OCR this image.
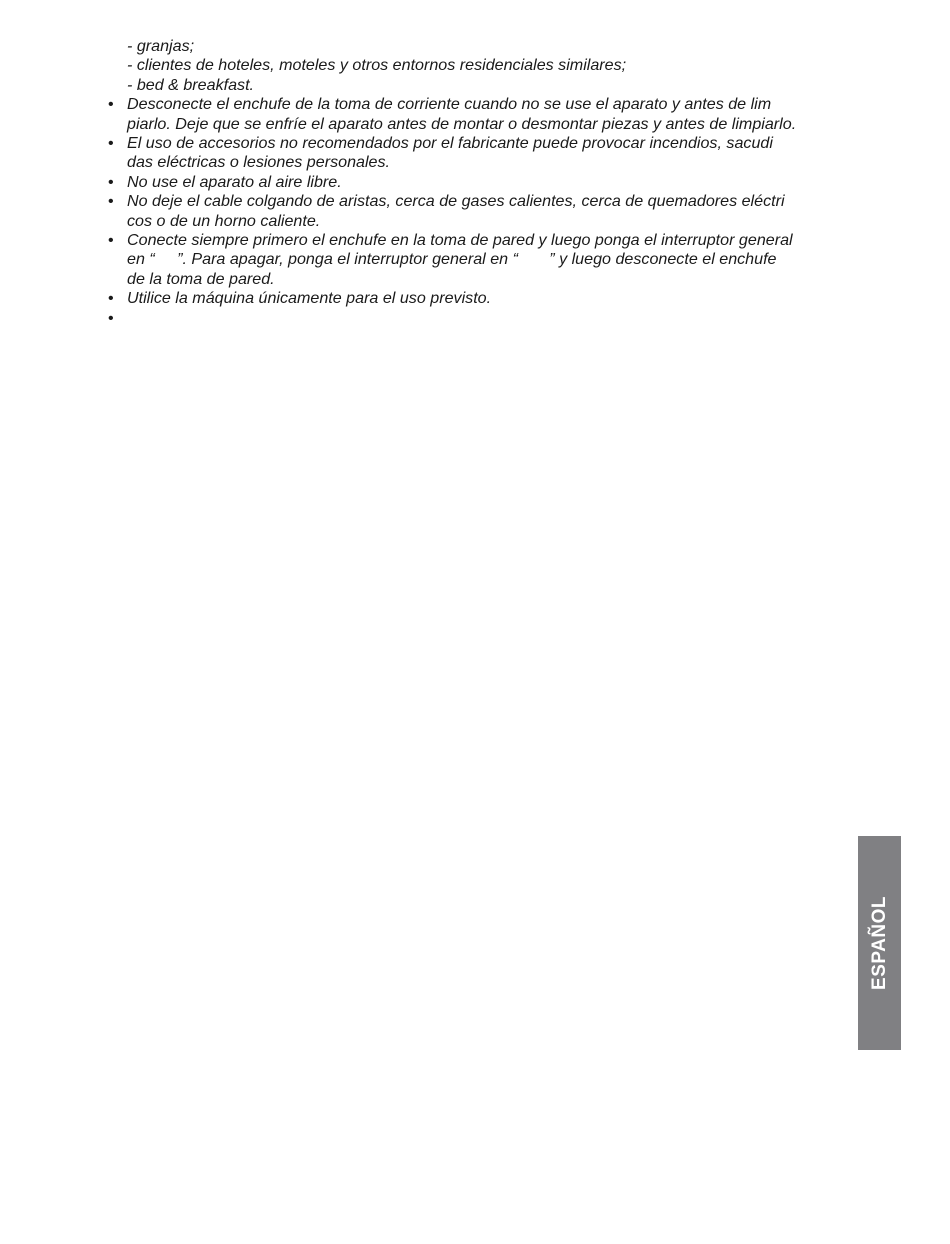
- granjas;
- clientes de hoteles, moteles y otros entornos residenciales similares;
- bed & breakfast.
• Desconecte el enchufe de la toma de corriente cuando no se use el aparato y antes de lim
piarlo. Deje que se enfríe el aparato antes de montar o desmontar piezas y antes de limpiarlo.
• El uso de accesorios no recomendados por el fabricante puede provocar incendios, sacudi
das eléctricas o lesiones personales.
• No use el aparato al aire libre.
• No deje el cable colgando de aristas, cerca de gases calientes, cerca de quemadores eléctri
cos o de un horno caliente.
• Conecte siempre primero el enchufe en la toma de pared y luego ponga el interruptor general
en “     ”. Para apagar, ponga el interruptor general en “       ” y luego desconecte el enchufe
de la toma de pared.
• Utilice la máquina únicamente para el uso previsto.
•
ESPAÑOL
